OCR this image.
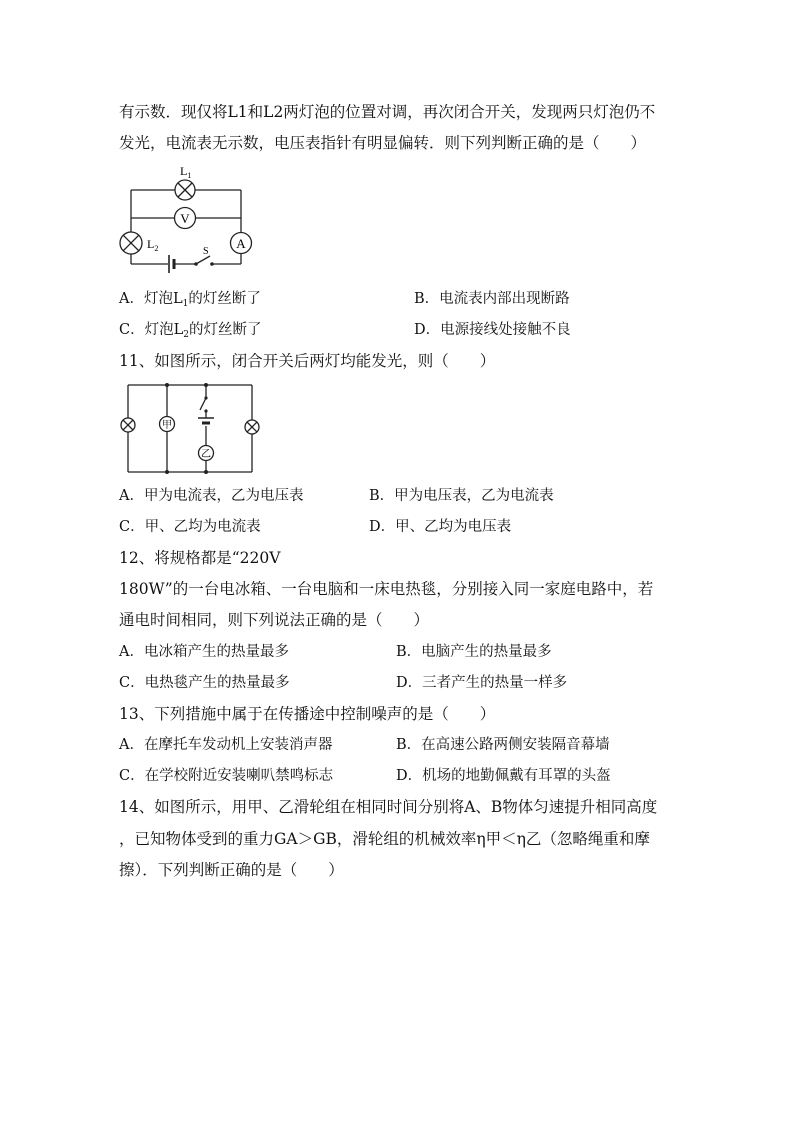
有示数．现仅将L1和L2两灯泡的位置对调，再次闭合开关，发现两只灯泡仍不
发光，电流表无示数，电压表指针有明显偏转．则下列判断正确的是（　　）
V
A
$L_1$
$L_2$	S
A．灯泡$L_1$的灯丝断了	B．电流表内部出现断路
C．灯泡$L_2$的灯丝断了	D．电源接线处接触不良
11、如图所示，闭合开关后两灯均能发光，则（　　）
甲
乙
A．甲为电流表，乙为电压表	B．甲为电压表，乙为电流表
C．甲、乙均为电流表	D．甲、乙均为电压表
12、将规格都是“220V
180W”的一台电冰箱、一台电脑和一床电热毯，分别接入同一家庭电路中，若
通电时间相同，则下列说法正确的是（　　）
A．电冰箱产生的热量最多	B．电脑产生的热量最多
C．电热毯产生的热量最多	D．三者产生的热量一样多
13、下列措施中属于在传播途中控制噪声的是（　　）
A．在摩托车发动机上安装消声器	B．在高速公路两侧安装隔音幕墙
C．在学校附近安装喇叭禁鸣标志	D．机场的地勤佩戴有耳罩的头盔
14、如图所示，用甲、乙滑轮组在相同时间分别将A、B物体匀速提升相同高度
，已知物体受到的重力GA＞GB，滑轮组的机械效率η甲＜η乙（忽略绳重和摩
擦）．下列判断正确的是（　　）
